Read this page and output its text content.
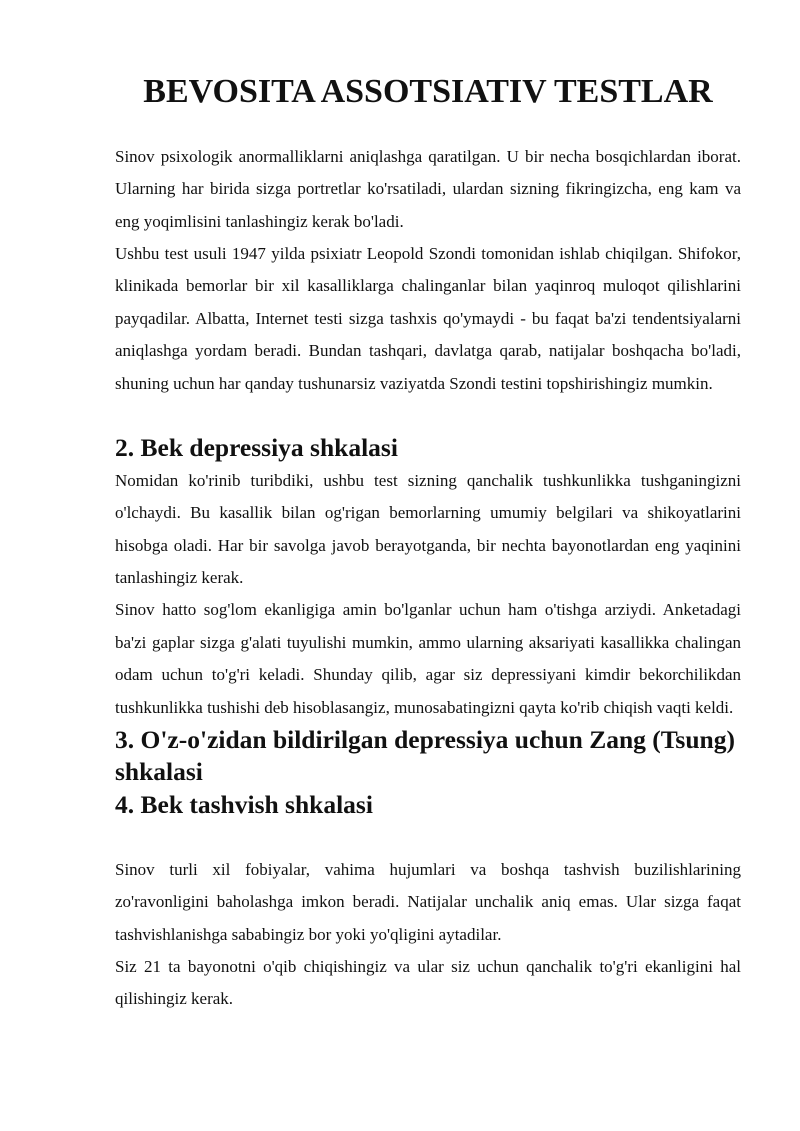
BEVOSITA ASSOTSIATIV TESTLAR

Sinov psixologik anormalliklarni aniqlashga qaratilgan. U bir necha bosqichlardan iborat. Ularning har birida sizga portretlar ko'rsatiladi, ulardan sizning fikringizcha, eng kam va eng yoqimlisini tanlashingiz kerak bo'ladi.

Ushbu test usuli 1947 yilda psixiatr Leopold Szondi tomonidan ishlab chiqilgan. Shifokor, klinikada bemorlar bir xil kasalliklarga chalinganlar bilan yaqinroq muloqot qilishlarini payqadilar. Albatta, Internet testi sizga tashxis qo'ymaydi - bu faqat ba'zi tendentsiyalarni aniqlashga yordam beradi. Bundan tashqari, davlatga qarab, natijalar boshqacha bo'ladi, shuning uchun har qanday tushunarsiz vaziyatda Szondi testini topshirishingiz mumkin.

2. Bek depressiya shkalasi

Nomidan ko'rinib turibdiki, ushbu test sizning qanchalik tushkunlikka tushganingizni o'lchaydi. Bu kasallik bilan og'rigan bemorlarning umumiy belgilari va shikoyatlarini hisobga oladi. Har bir savolga javob berayotganda, bir nechta bayonotlardan eng yaqinini tanlashingiz kerak.

Sinov hatto sog'lom ekanligiga amin bo'lganlar uchun ham o'tishga arziydi. Anketadagi ba'zi gaplar sizga g'alati tuyulishi mumkin, ammo ularning aksariyati kasallikka chalingan odam uchun to'g'ri keladi. Shunday qilib, agar siz depressiyani kimdir bekorchilikdan tushkunlikka tushishi deb hisoblasangiz, munosabatingizni qayta ko'rib chiqish vaqti keldi.

3. O'z-o'zidan bildirilgan depressiya uchun Zang (Tsung) shkalasi
4. Bek tashvish shkalasi

Sinov turli xil fobiyalar, vahima hujumlari va boshqa tashvish buzilishlarining zo'ravonligini baholashga imkon beradi. Natijalar unchalik aniq emas. Ular sizga faqat tashvishlanishga sababingiz bor yoki yo'qligini aytadilar.

Siz 21 ta bayonotni o'qib chiqishingiz va ular siz uchun qanchalik to'g'ri ekanligini hal qilishingiz kerak.
